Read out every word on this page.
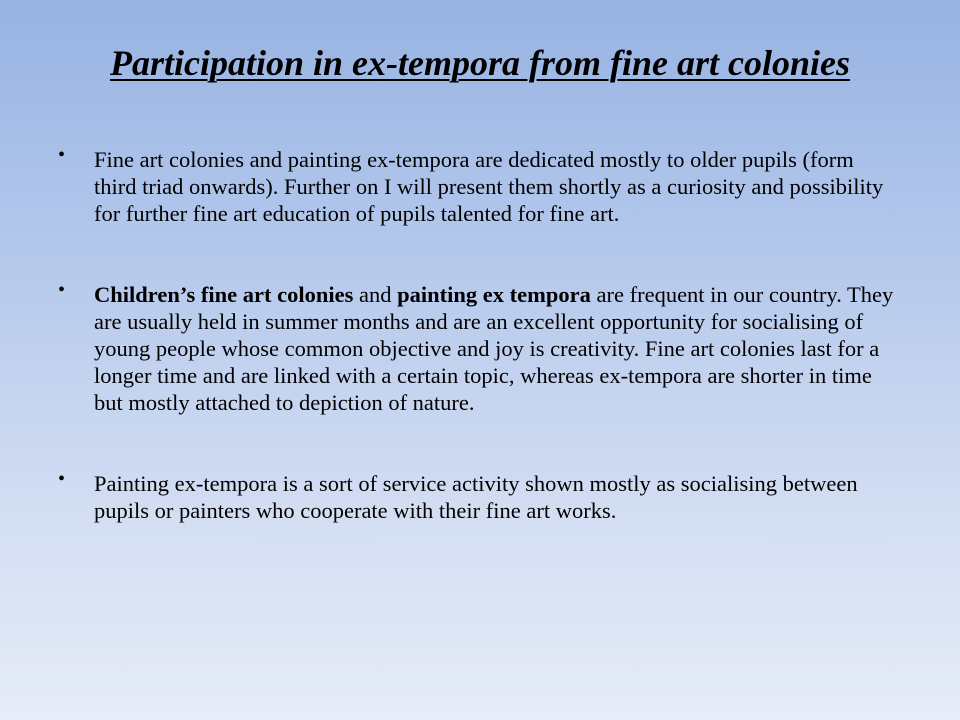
Participation in ex-tempora from fine art colonies
• Fine art colonies and painting ex-tempora are dedicated mostly to older pupils (form third triad onwards). Further on I will present them shortly as a curiosity and possibility for further fine art education of pupils talented for fine art.
• Children’s fine art colonies and painting ex tempora are frequent in our country. They are usually held in summer months and are an excellent opportunity for socialising of young people whose common objective and joy is creativity. Fine art colonies last for a longer time and are linked with a certain topic, whereas ex-tempora are shorter in time but mostly attached to depiction of nature.
• Painting ex-tempora is a sort of service activity shown mostly as socialising between pupils or painters who cooperate with their fine art works.
